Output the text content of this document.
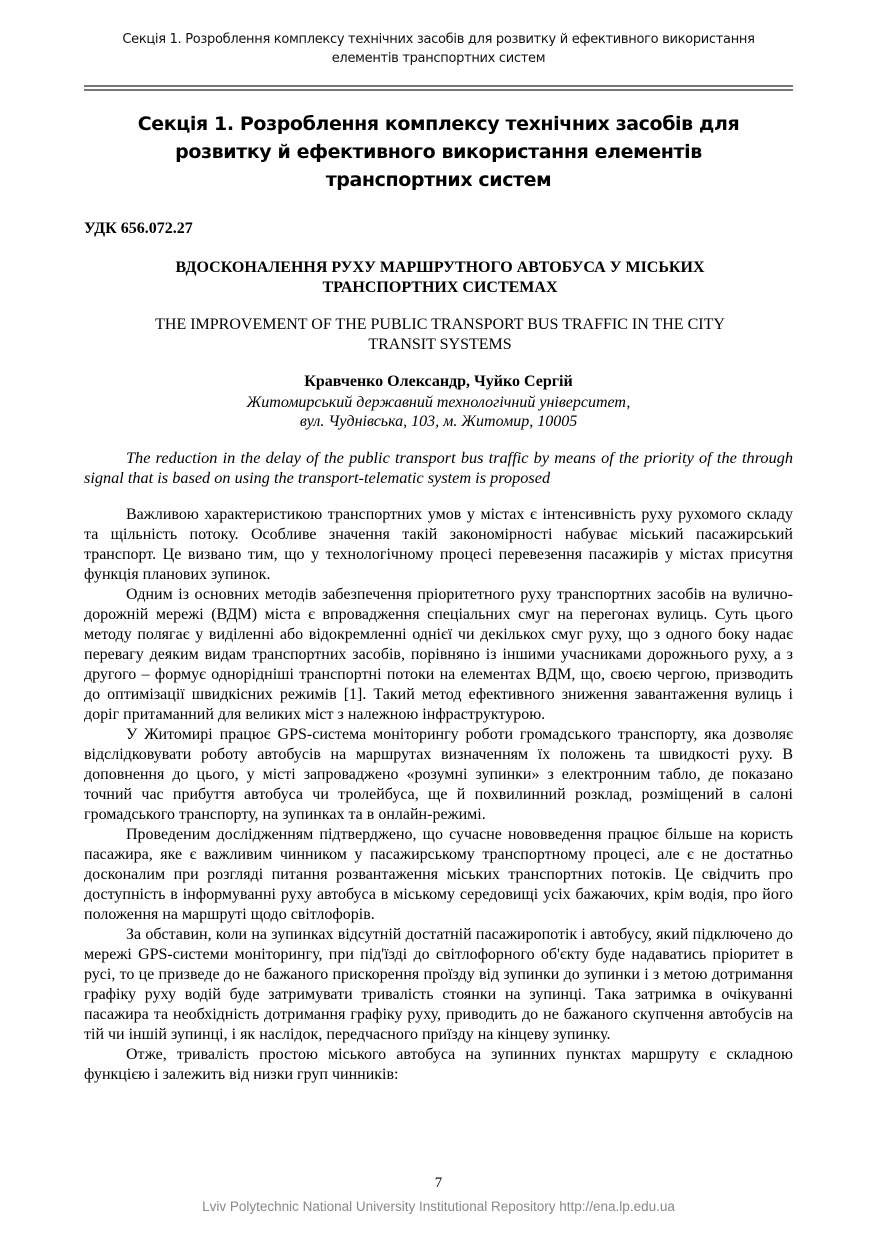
Секція 1. Розроблення комплексу технічних засобів для розвитку й ефективного використання
елементів транспортних систем
Секція 1. Розроблення комплексу технічних засобів для
розвитку й ефективного використання елементів
транспортних систем
УДК 656.072.27
ВДОСКОНАЛЕННЯ РУХУ МАРШРУТНОГО АВТОБУСА У МІСЬКИХ
ТРАНСПОРТНИХ СИСТЕМАХ
THE IMPROVEMENT OF THE PUBLIC TRANSPORT BUS TRAFFIC IN THE CITY
TRANSIT SYSTEMS
Кравченко Олександр, Чуйко Сергій
Житомирський державний технологічний університет,
вул. Чуднівська, 103, м. Житомир, 10005
The reduction in the delay of the public transport bus traffic by means of the priority of the through signal that is based on using the transport-telematic system is proposed

Важливою характеристикою транспортних умов у містах є інтенсивність руху рухомого складу та щільність потоку. Особливе значення такій закономірності набуває міський пасажирський транспорт. Це визвано тим, що у технологічному процесі перевезення пасажирів у містах присутня функція планових зупинок.

Одним із основних методів забезпечення пріоритетного руху транспортних засобів на вулично-дорожній мережі (ВДМ) міста є впровадження спеціальних смуг на перегонах вулиць. Суть цього методу полягає у виділенні або відокремленні однієї чи декількох смуг руху, що з одного боку надає перевагу деяким видам транспортних засобів, порівняно із іншими учасниками дорожнього руху, а з другого – формує однорідніші транспортні потоки на елементах ВДМ, що, своєю чергою, призводить до оптимізації швидкісних режимів [1]. Такий метод ефективного зниження завантаження вулиць і доріг притаманний для великих міст з належною інфраструктурою.

У Житомирі працює GPS-система моніторингу роботи громадського транспорту, яка дозволяє відслідковувати роботу автобусів на маршрутах визначенням їх положень та швидкості руху. В доповнення до цього, у місті запроваджено «розумні зупинки» з електронним табло, де показано точний час прибуття автобуса чи тролейбуса, ще й похвилинний розклад, розміщений в салоні громадського транспорту, на зупинках та в онлайн-режимі.

Проведеним дослідженням підтверджено, що сучасне нововведення працює більше на користь пасажира, яке є важливим чинником у пасажирському транспортному процесі, але є не достатньо досконалим при розгляді питання розвантаження міських транспортних потоків. Це свідчить про доступність в інформуванні руху автобуса в міському середовищі усіх бажаючих, крім водія, про його положення на маршруті щодо світлофорів.

За обставин, коли на зупинках відсутній достатній пасажиропотік і автобусу, який підключено до мережі GPS-системи моніторингу, при під'їзді до світлофорного об'єкту буде надаватись пріоритет в русі, то це призведе до не бажаного прискорення проїзду від зупинки до зупинки і з метою дотримання графіку руху водій буде затримувати тривалість стоянки на зупинці. Така затримка в очікуванні пасажира та необхідність дотримання графіку руху, приводить до не бажаного скупчення автобусів на тій чи іншій зупинці, і як наслідок, передчасного приїзду на кінцеву зупинку.

Отже, тривалість простою міського автобуса на зупинних пунктах маршруту є складною функцією і залежить від низки груп чинників:

7
Lviv Polytechnic National University Institutional Repository http://ena.lp.edu.ua
